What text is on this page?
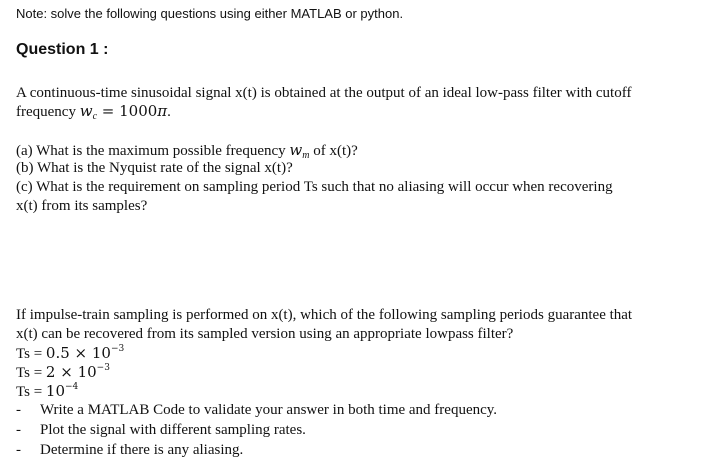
Note: solve the following questions using either MATLAB or python.
Question 1 :
A continuous-time sinusoidal signal x(t) is obtained at the output of an ideal low-pass filter with cutoff
frequency $w_c = 1000\pi$.
(a) What is the maximum possible frequency $w_m$ of x(t)?
(b) What is the Nyquist rate of the signal x(t)?
(c) What is the requirement on sampling period Ts such that no aliasing will occur when recovering
x(t) from its samples?
If impulse-train sampling is performed on x(t), which of the following sampling periods guarantee that
x(t) can be recovered from its sampled version using an appropriate lowpass filter?
$Ts = 0.5 \times 10^{-3}$
$Ts = 2 \times 10^{-3}$
$Ts = 10^{-4}$
- Write a MATLAB Code to validate your answer in both time and frequency.
- Plot the signal with different sampling rates.
- Determine if there is any aliasing.
